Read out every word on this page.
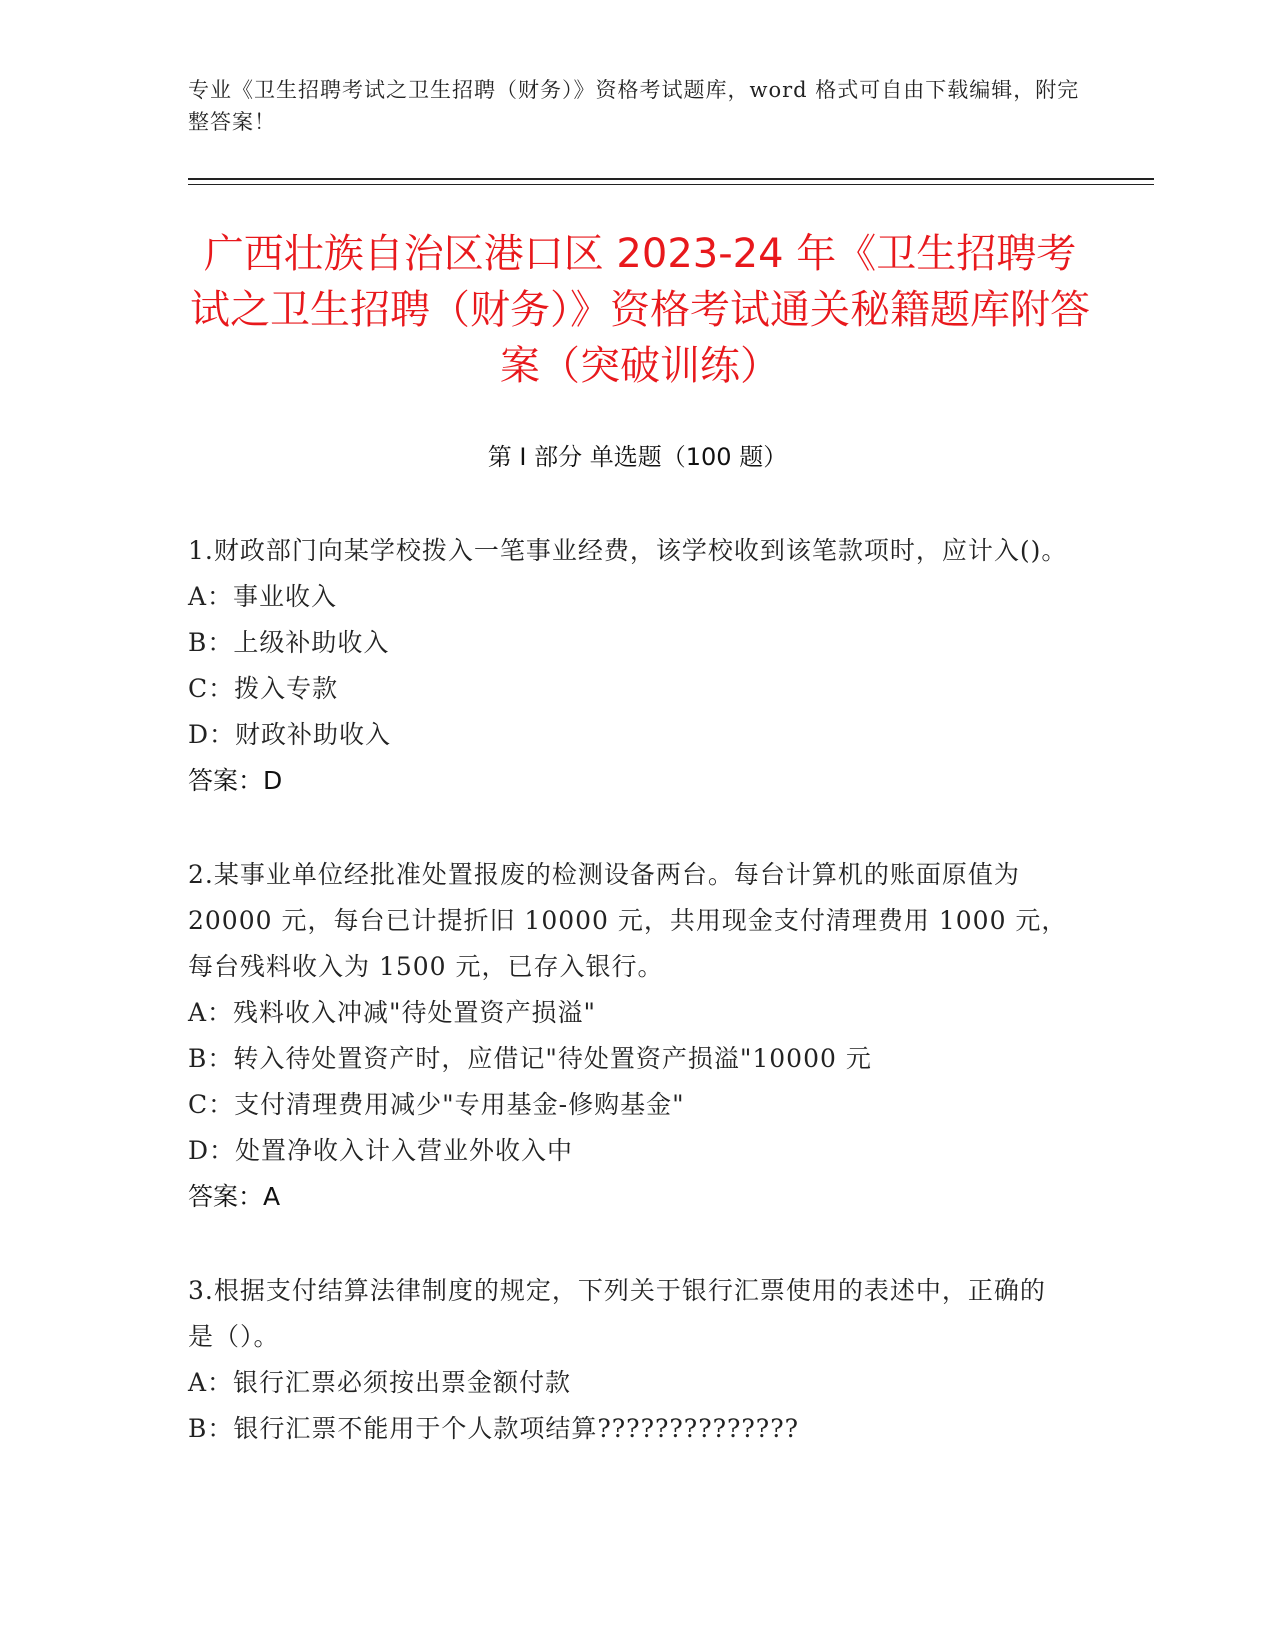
专业《卫生招聘考试之卫生招聘（财务）》资格考试题库，word 格式可自由下载编辑，附完整答案！
广西壮族自治区港口区 2023-24 年《卫生招聘考试之卫生招聘（财务）》资格考试通关秘籍题库附答案（突破训练）
第 I 部分 单选题（100 题）
1.财政部门向某学校拨入一笔事业经费，该学校收到该笔款项时，应计入()。
A：事业收入
B：上级补助收入
C：拨入专款
D：财政补助收入
答案：D
2.某事业单位经批准处置报废的检测设备两台。每台计算机的账面原值为 20000 元，每台已计提折旧 10000 元，共用现金支付清理费用 1000 元，每台残料收入为 1500 元，已存入银行。
A：残料收入冲减"待处置资产损溢"
B：转入待处置资产时，应借记"待处置资产损溢"10000 元
C：支付清理费用减少"专用基金-修购基金"
D：处置净收入计入营业外收入中
答案：A
3.根据支付结算法律制度的规定，下列关于银行汇票使用的表述中，正确的是（）。
A：银行汇票必须按出票金额付款
B：银行汇票不能用于个人款项结算??????????????
